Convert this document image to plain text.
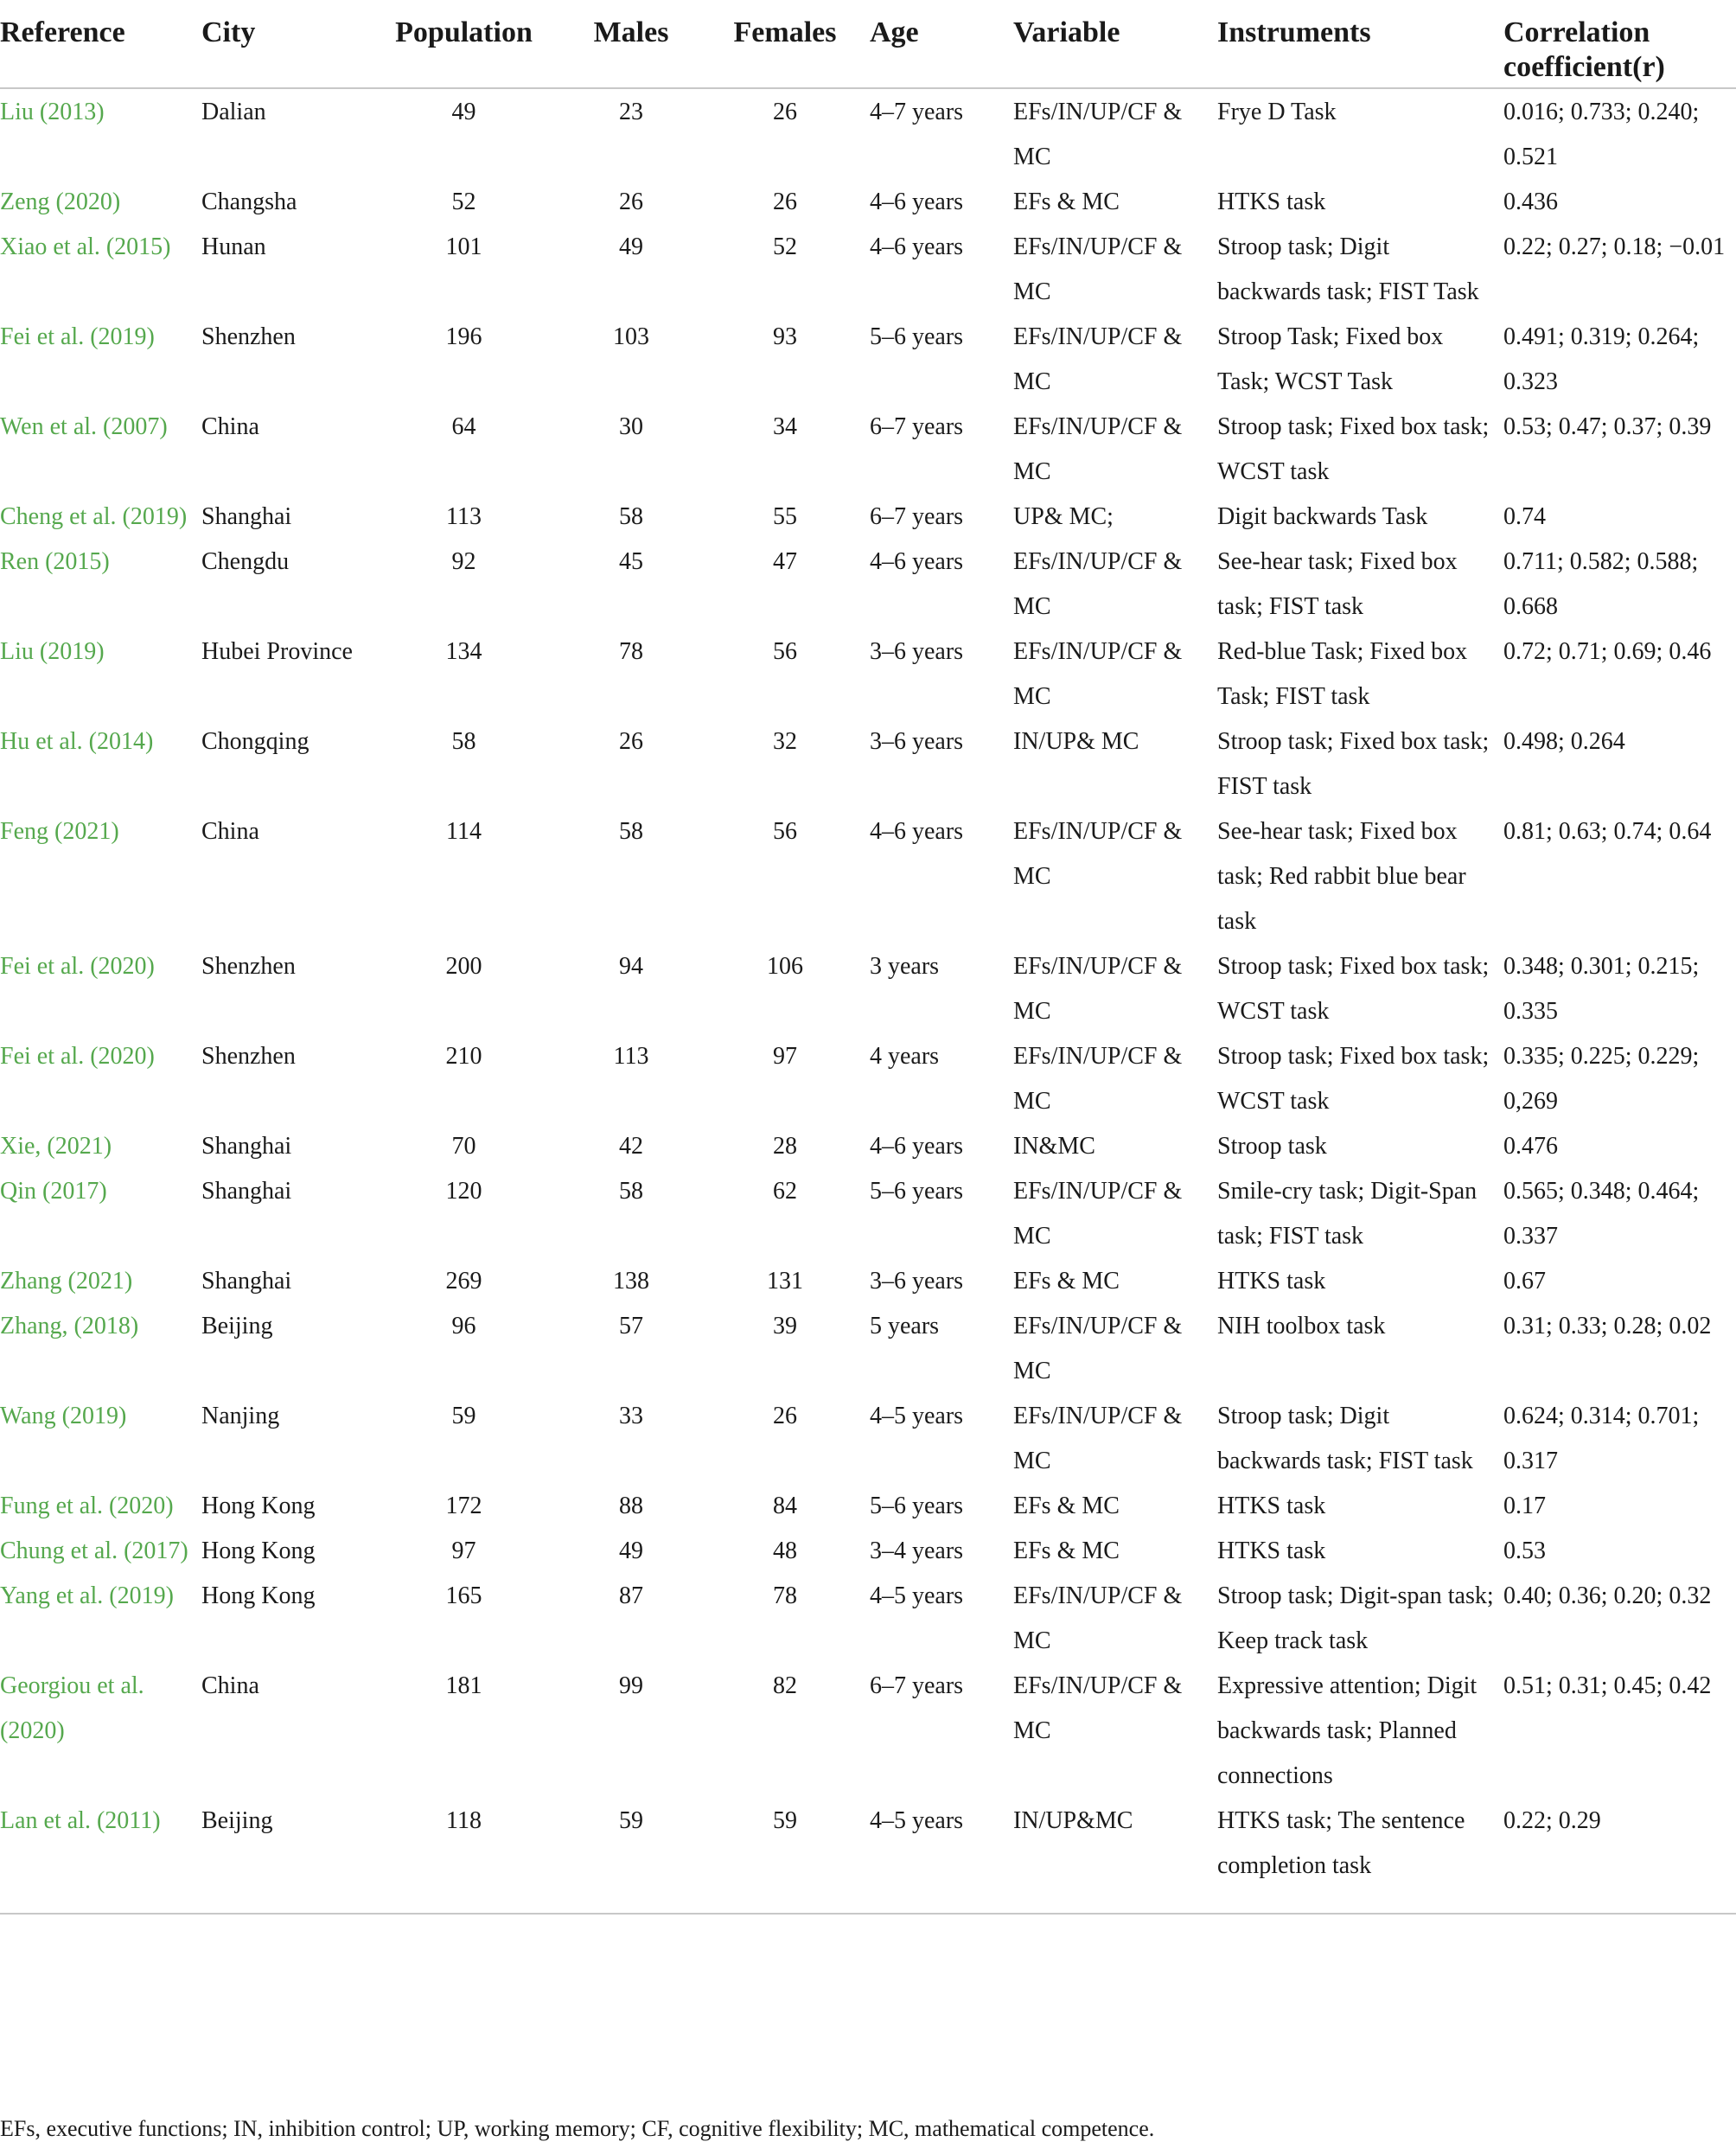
Reference	City	Population	Males	Females	Age	Variable	Instruments	Correlation coefficient(r)
Liu (2013)	Dalian	49	23	26	4–7 years	EFs/IN/UP/CF & MC	Frye D Task	0.016; 0.733; 0.240; 0.521
Zeng (2020)	Changsha	52	26	26	4–6 years	EFs & MC	HTKS task	0.436
Xiao et al. (2015)	Hunan	101	49	52	4–6 years	EFs/IN/UP/CF & MC	Stroop task; Digit backwards task; FIST Task	0.22; 0.27; 0.18; −0.01
Fei et al. (2019)	Shenzhen	196	103	93	5–6 years	EFs/IN/UP/CF & MC	Stroop Task; Fixed box Task; WCST Task	0.491; 0.319; 0.264; 0.323
Wen et al. (2007)	China	64	30	34	6–7 years	EFs/IN/UP/CF & MC	Stroop task; Fixed box task; WCST task	0.53; 0.47; 0.37; 0.39
Cheng et al. (2019)	Shanghai	113	58	55	6–7 years	UP& MC;	Digit backwards Task	0.74
Ren (2015)	Chengdu	92	45	47	4–6 years	EFs/IN/UP/CF & MC	See-hear task; Fixed box task; FIST task	0.711; 0.582; 0.588; 0.668
Liu (2019)	Hubei Province	134	78	56	3–6 years	EFs/IN/UP/CF & MC	Red-blue Task; Fixed box Task; FIST task	0.72; 0.71; 0.69; 0.46
Hu et al. (2014)	Chongqing	58	26	32	3–6 years	IN/UP& MC	Stroop task; Fixed box task; FIST task	0.498; 0.264
Feng (2021)	China	114	58	56	4–6 years	EFs/IN/UP/CF & MC	See-hear task; Fixed box task; Red rabbit blue bear task	0.81; 0.63; 0.74; 0.64
Fei et al. (2020)	Shenzhen	200	94	106	3 years	EFs/IN/UP/CF & MC	Stroop task; Fixed box task; WCST task	0.348; 0.301; 0.215; 0.335
Fei et al. (2020)	Shenzhen	210	113	97	4 years	EFs/IN/UP/CF & MC	Stroop task; Fixed box task; WCST task	0.335; 0.225; 0.229; 0,269
Xie, (2021)	Shanghai	70	42	28	4–6 years	IN&MC	Stroop task	0.476
Qin (2017)	Shanghai	120	58	62	5–6 years	EFs/IN/UP/CF & MC	Smile-cry task; Digit-Span task; FIST task	0.565; 0.348; 0.464; 0.337
Zhang (2021)	Shanghai	269	138	131	3–6 years	EFs & MC	HTKS task	0.67
Zhang, (2018)	Beijing	96	57	39	5 years	EFs/IN/UP/CF & MC	NIH toolbox task	0.31; 0.33; 0.28; 0.02
Wang (2019)	Nanjing	59	33	26	4–5 years	EFs/IN/UP/CF & MC	Stroop task; Digit backwards task; FIST task	0.624; 0.314; 0.701; 0.317
Fung et al. (2020)	Hong Kong	172	88	84	5–6 years	EFs & MC	HTKS task	0.17
Chung et al. (2017)	Hong Kong	97	49	48	3–4 years	EFs & MC	HTKS task	0.53
Yang et al. (2019)	Hong Kong	165	87	78	4–5 years	EFs/IN/UP/CF & MC	Stroop task; Digit-span task; Keep track task	0.40; 0.36; 0.20; 0.32
Georgiou et al. (2020)	China	181	99	82	6–7 years	EFs/IN/UP/CF & MC	Expressive attention; Digit backwards task; Planned connections	0.51; 0.31; 0.45; 0.42
Lan et al. (2011)	Beijing	118	59	59	4–5 years	IN/UP&MC	HTKS task; The sentence completion task	0.22; 0.29
EFs, executive functions; IN, inhibition control; UP, working memory; CF, cognitive flexibility; MC, mathematical competence.
